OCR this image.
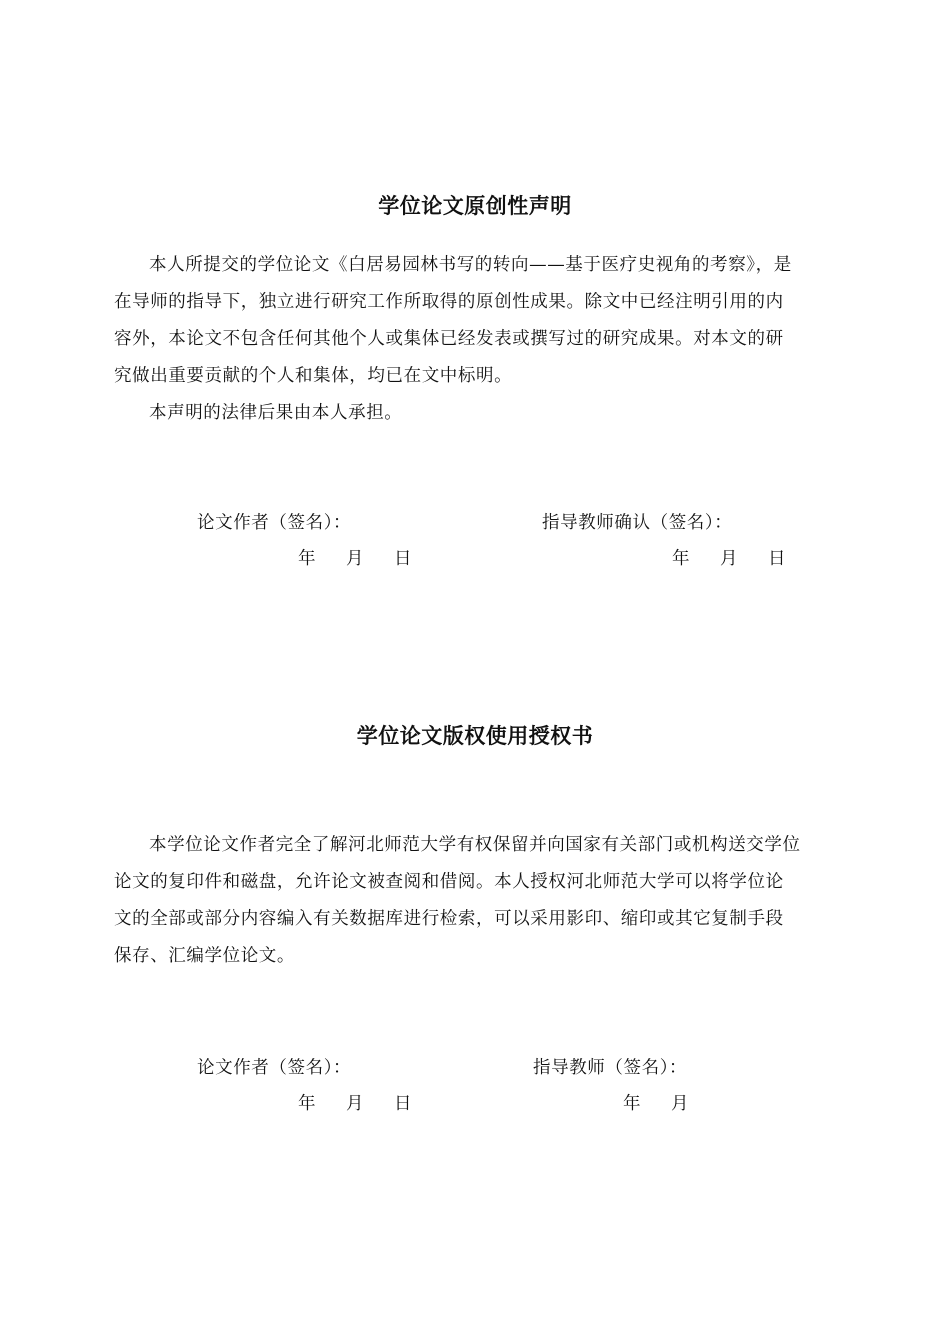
学位论文原创性声明
本人所提交的学位论文《白居易园林书写的转向——基于医疗史视角的考察》，是
在导师的指导下，独立进行研究工作所取得的原创性成果。除文中已经注明引用的内
容外，本论文不包含任何其他个人或集体已经发表或撰写过的研究成果。对本文的研
究做出重要贡献的个人和集体，均已在文中标明。
本声明的法律后果由本人承担。
论文作者（签名）：	指导教师确认（签名）：
年 月 日	年 月 日
学位论文版权使用授权书
本学位论文作者完全了解河北师范大学有权保留并向国家有关部门或机构送交学位
论文的复印件和磁盘，允许论文被查阅和借阅。本人授权河北师范大学可以将学位论
文的全部或部分内容编入有关数据库进行检索，可以采用影印、缩印或其它复制手段
保存、汇编学位论文。
论文作者（签名）：	指导教师（签名）：
年 月 日	年 月
